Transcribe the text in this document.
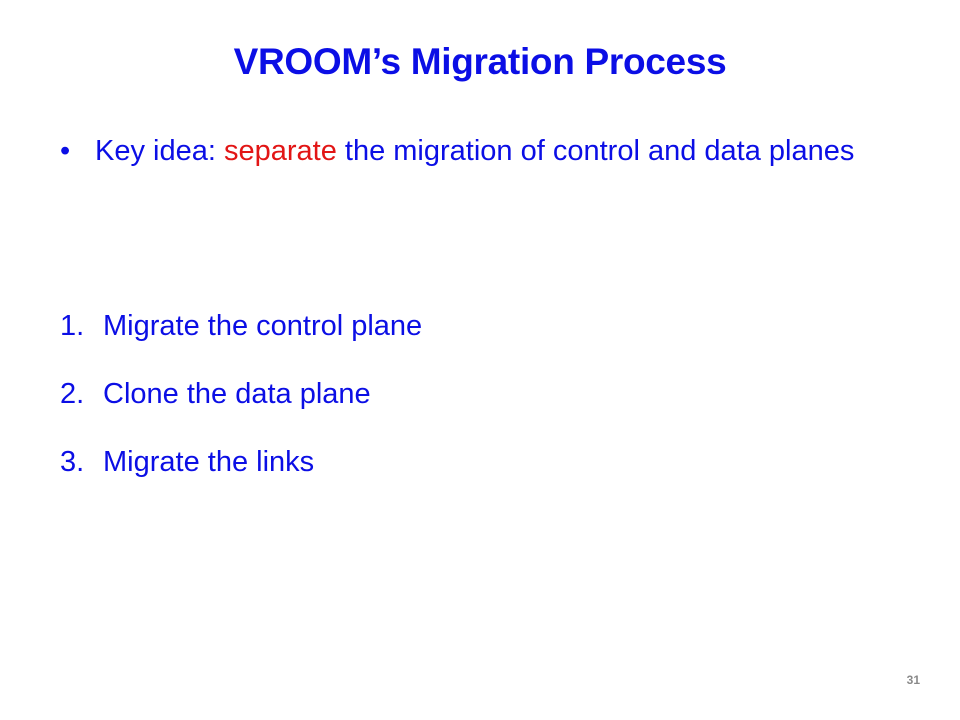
VROOM’s Migration Process
• Key idea: separate the migration of control and data planes
1. Migrate the control plane
2. Clone the data plane
3. Migrate the links
31
